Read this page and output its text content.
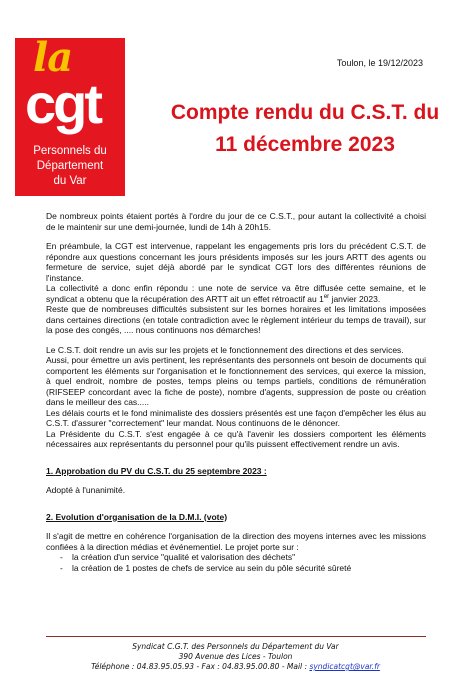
la
cgt
Personnels du
Département
du Var
Toulon, le 19/12/2023
Compte rendu du C.S.T. du
11 décembre 2023

De nombreux points étaient portés à l'ordre du jour de ce C.S.T., pour autant la collectivité a choisi de le maintenir sur une demi-journée, lundi de 14h à 20h15.

En préambule, la CGT est intervenue, rappelant les engagements pris lors du précédent C.S.T. de répondre aux questions concernant les jours présidents imposés sur les jours ARTT des agents ou fermeture de service, sujet déjà abordé par le syndicat CGT lors des différentes réunions de l'instance.

La collectivité a donc enfin répondu : une note de service va être diffusée cette semaine, et le syndicat a obtenu que la récupération des ARTT ait un effet rétroactif au 1er janvier 2023.

Reste que de nombreuses difficultés subsistent sur les bornes horaires et les limitations imposées dans certaines directions (en totale contradiction avec le règlement intérieur du temps de travail), sur la pose des congés, .... nous continuons nos démarches!

Le C.S.T. doit rendre un avis sur les projets et le fonctionnement des directions et des services.

Aussi, pour émettre un avis pertinent, les représentants des personnels ont besoin de documents qui comportent les éléments sur l'organisation et le fonctionnement des services, qui exerce la mission, à quel endroit, nombre de postes, temps pleins ou temps partiels, conditions de rémunération (RIFSEEP concordant avec la fiche de poste), nombre d'agents, suppression de poste ou création dans le meilleur des cas.....

Les délais courts et le fond minimaliste des dossiers présentés est une façon d'empêcher les élus au C.S.T. d'assurer "correctement" leur mandat. Nous continuons de le dénoncer.

La Présidente du C.S.T. s'est engagée à ce qu'à l'avenir les dossiers comportent les éléments nécessaires aux représentants du personnel pour qu'ils puissent effectivement rendre un avis.

1. Approbation du PV du C.S.T. du 25 septembre 2023 :

Adopté à l'unanimité.

2. Evolution d'organisation de la D.M.I. (vote)

Il s'agit de mettre en cohérence l'organisation de la direction des moyens internes avec les missions confiées à la direction médias et événementiel. Le projet porte sur :

- la création d'un service "qualité et valorisation des déchets"
- la création de 1 postes de chefs de service au sein du pôle sécurité sûreté
Syndicat C.G.T. des Personnels du Département du Var
390 Avenue des Lices - Toulon
Téléphone : 04.83.95.05.93 - Fax : 04.83.95.00.80 - Mail : syndicatcgt@var.fr
